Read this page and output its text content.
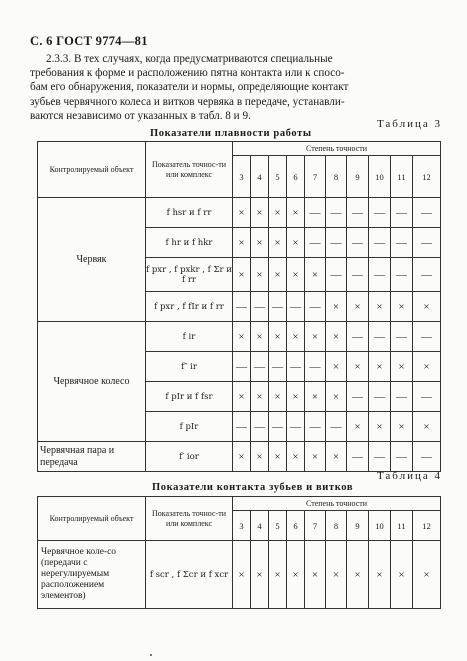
С. 6 ГОСТ 9774—81
2.3.3. В тех случаях, когда предусматриваются специальные
требования к форме и расположению пятна контакта или к спосо-
бам его обнаружения, показатели и нормы, определяющие контакт
зубьев червячного колеса и витков червяка в передаче, устанавли-
ваются независимо от указанных в табл. 8 и 9.
Таблица 3
Показатели плавности работы
Контролируемый объект	Показатель точнос-ти или комплекс	Степень точности									
		3	4	5	6	7	8	9	10	11	12
Червяк	f hsr и f rr	×	×	×	×	—	—	—	—	—	—
	f hr и f hkr	×	×	×	×	—	—	—	—	—	—
	f pxr , f pxkr , f Σr и f rr	×	×	×	×	×	—	—	—	—	—
	f pxr , f fIr и f rr	—	—	—	—	—	×	×	×	×	×
Червячное колесо	f ir	×	×	×	×	×	×	—	—	—	—
	f″ ir	—	—	—	—	—	×	×	×	×	×
	f pIr и f fsr	×	×	×	×	×	×	—	—	—	—
	f pIr	—	—	—	—	—	—	×	×	×	×
Червячная пара и передача	f′ ior	×	×	×	×	×	×	—	—	—	—
Таблица 4
Показатели контакта зубьев и витков
Контролируемый объект	Показатель точнос-ти или комплекс	Степень точности									
		3	4	5	6	7	8	9	10	11	12
Червячное коле-со (передачи с нерегулируемым расположением элементов)	f scr , f Σcr и f xcr	×	×	×	×	×	×	×	×	×	×
